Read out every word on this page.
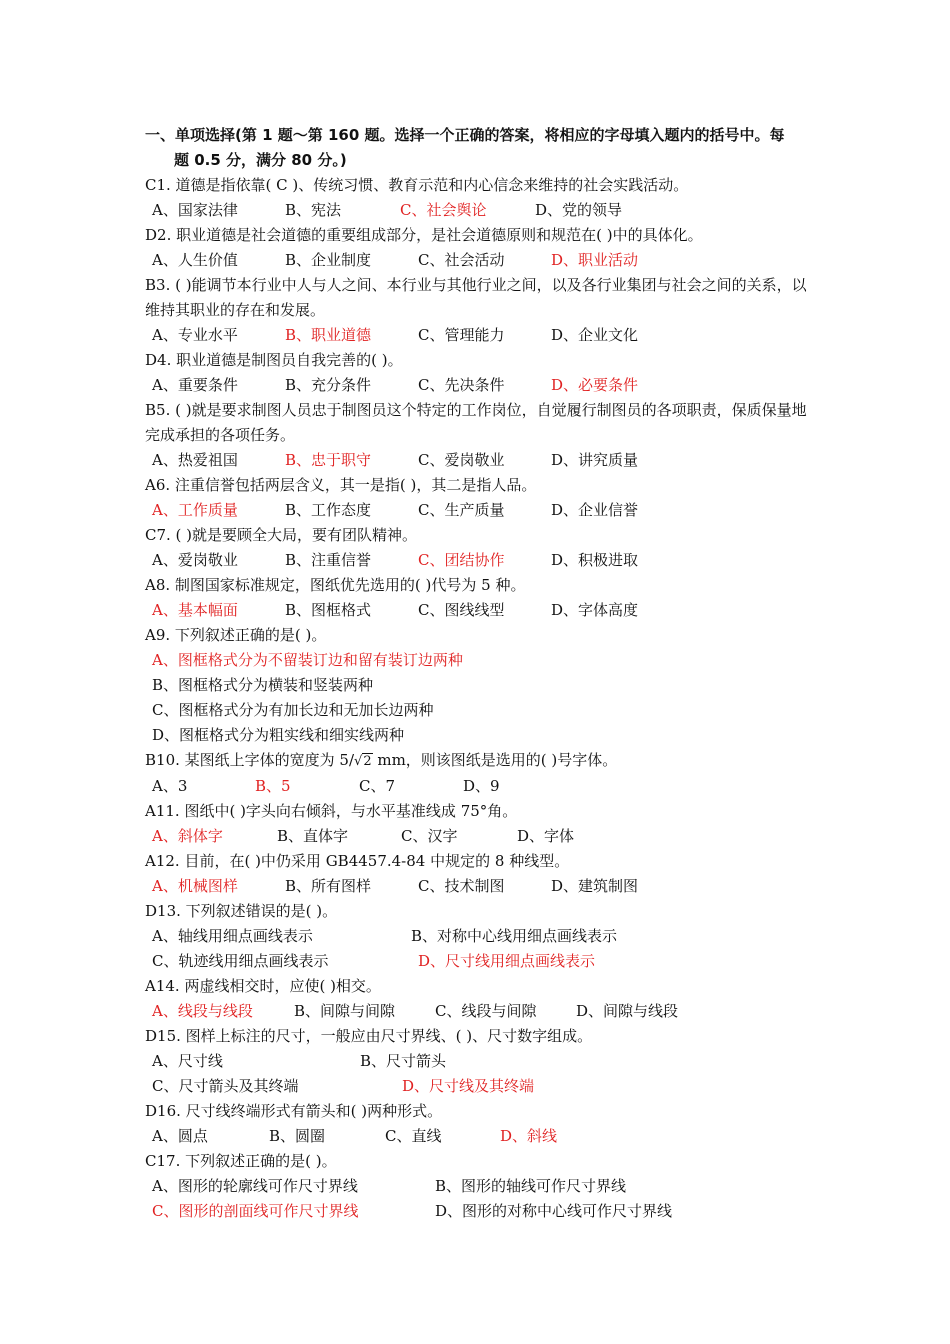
一、单项选择(第 1 题～第 160 题。选择一个正确的答案，将相应的字母填入题内的括号中。每
题 0.5 分，满分 80 分。)
C1. 道德是指依靠( C )、传统习惯、教育示范和内心信念来维持的社会实践活动。
A、国家法律	B、宪法	C、社会舆论	D、党的领导
D2. 职业道德是社会道德的重要组成部分，是社会道德原则和规范在( )中的具体化。
A、人生价值	B、企业制度	C、社会活动	D、职业活动
B3. ( )能调节本行业中人与人之间、本行业与其他行业之间，以及各行业集团与社会之间的关系，以维持其职业的存在和发展。
A、专业水平	B、职业道德	C、管理能力	D、企业文化
D4. 职业道德是制图员自我完善的( )。
A、重要条件	B、充分条件	C、先决条件	D、必要条件
B5. ( )就是要求制图人员忠于制图员这个特定的工作岗位，自觉履行制图员的各项职责，保质保量地完成承担的各项任务。
A、热爱祖国	B、忠于职守	C、爱岗敬业	D、讲究质量
A6. 注重信誉包括两层含义，其一是指( )，其二是指人品。
A、工作质量	B、工作态度	C、生产质量	D、企业信誉
C7. ( )就是要顾全大局，要有团队精神。
A、爱岗敬业	B、注重信誉	C、团结协作	D、积极进取
A8. 制图国家标准规定，图纸优先选用的( )代号为 5 种。
A、基本幅面	B、图框格式	C、图线线型	D、字体高度
A9. 下列叙述正确的是( )。
A、图框格式分为不留装订边和留有装订边两种
B、图框格式分为横装和竖装两种
C、图框格式分为有加长边和无加长边两种
D、图框格式分为粗实线和细实线两种
B10. 某图纸上字体的宽度为 5/√2 mm，则该图纸是选用的( )号字体。
A、3	B、5	C、7	D、9
A11. 图纸中( )字头向右倾斜，与水平基准线成 75°角。
A、斜体字	B、直体字	C、汉字	D、字体
A12. 目前，在( )中仍采用 GB4457.4-84 中规定的 8 种线型。
A、机械图样	B、所有图样	C、技术制图	D、建筑制图
D13. 下列叙述错误的是( )。
A、轴线用细点画线表示	B、对称中心线用细点画线表示
C、轨迹线用细点画线表示	D、尺寸线用细点画线表示
A14. 两虚线相交时，应使( )相交。
A、线段与线段	B、间隙与间隙	C、线段与间隙	D、间隙与线段
D15. 图样上标注的尺寸，一般应由尺寸界线、( )、尺寸数字组成。
A、尺寸线	B、尺寸箭头
C、尺寸箭头及其终端	D、尺寸线及其终端
D16. 尺寸线终端形式有箭头和( )两种形式。
A、圆点	B、圆圈	C、直线	D、斜线
C17. 下列叙述正确的是( )。
A、图形的轮廓线可作尺寸界线	B、图形的轴线可作尺寸界线
C、图形的剖面线可作尺寸界线	D、图形的对称中心线可作尺寸界线
